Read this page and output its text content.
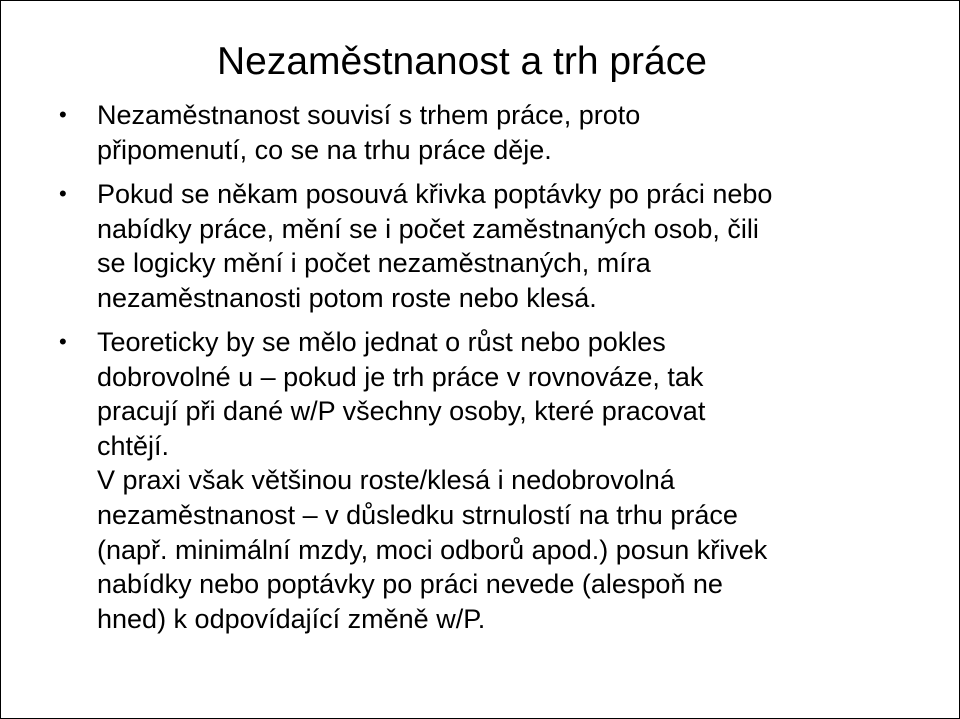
Nezaměstnanost a trh práce
• Nezaměstnanost souvisí s trhem práce, proto
připomenutí, co se na trhu práce děje.
• Pokud se někam posouvá křivka poptávky po práci nebo
nabídky práce, mění se i počet zaměstnaných osob, čili
se logicky mění i počet nezaměstnaných, míra
nezaměstnanosti potom roste nebo klesá.
• Teoreticky by se mělo jednat o růst nebo pokles
dobrovolné u – pokud je trh práce v rovnováze, tak
pracují při dané w/P všechny osoby, které pracovat
chtějí.
V praxi však většinou roste/klesá i nedobrovolná
nezaměstnanost – v důsledku strnulostí na trhu práce
(např. minimální mzdy, moci odborů apod.) posun křivek
nabídky nebo poptávky po práci nevede (alespoň ne
hned) k odpovídající změně w/P.
